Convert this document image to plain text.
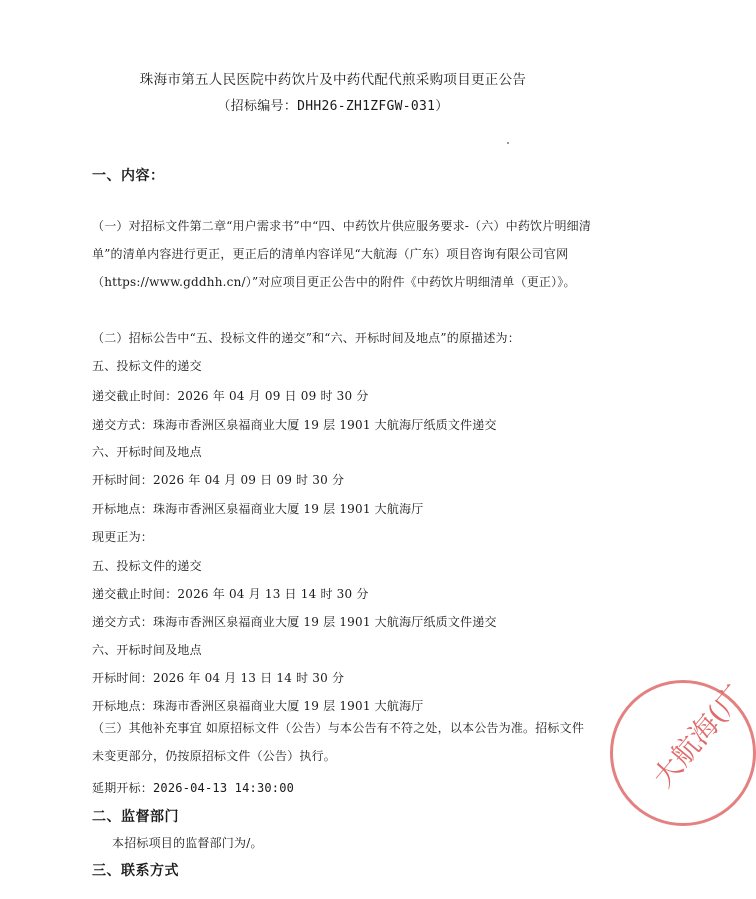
珠海市第五人民医院中药饮片及中药代配代煎采购项目更正公告
（招标编号：DHH26-ZH1ZFGW-031）
一、内容：
（一）对招标文件第二章“用户需求书”中“四、中药饮片供应服务要求-（六）中药饮片明细清单”的清单内容进行更正，更正后的清单内容详见“大航海（广东）项目咨询有限公司官网（https://www.gddhh.cn/）”对应项目更正公告中的附件《中药饮片明细清单（更正）》。
（二）招标公告中“五、投标文件的递交”和“六、开标时间及地点”的原描述为：
五、投标文件的递交
递交截止时间：2026 年 04 月 09 日 09 时 30 分
递交方式：珠海市香洲区泉福商业大厦 19 层 1901 大航海厅纸质文件递交
六、开标时间及地点
开标时间：2026 年 04 月 09 日 09 时 30 分
开标地点：珠海市香洲区泉福商业大厦 19 层 1901 大航海厅
现更正为：
五、投标文件的递交
递交截止时间：2026 年 04 月 13 日 14 时 30 分
递交方式：珠海市香洲区泉福商业大厦 19 层 1901 大航海厅纸质文件递交
六、开标时间及地点
开标时间：2026 年 04 月 13 日 14 时 30 分
开标地点：珠海市香洲区泉福商业大厦 19 层 1901 大航海厅
（三）其他补充事宜 如原招标文件（公告）与本公告有不符之处，以本公告为准。招标文件未变更部分，仍按原招标文件（公告）执行。
延期开标：2026-04-13 14:30:00
二、监督部门
本招标项目的监督部门为/。
三、联系方式
大航海(广
